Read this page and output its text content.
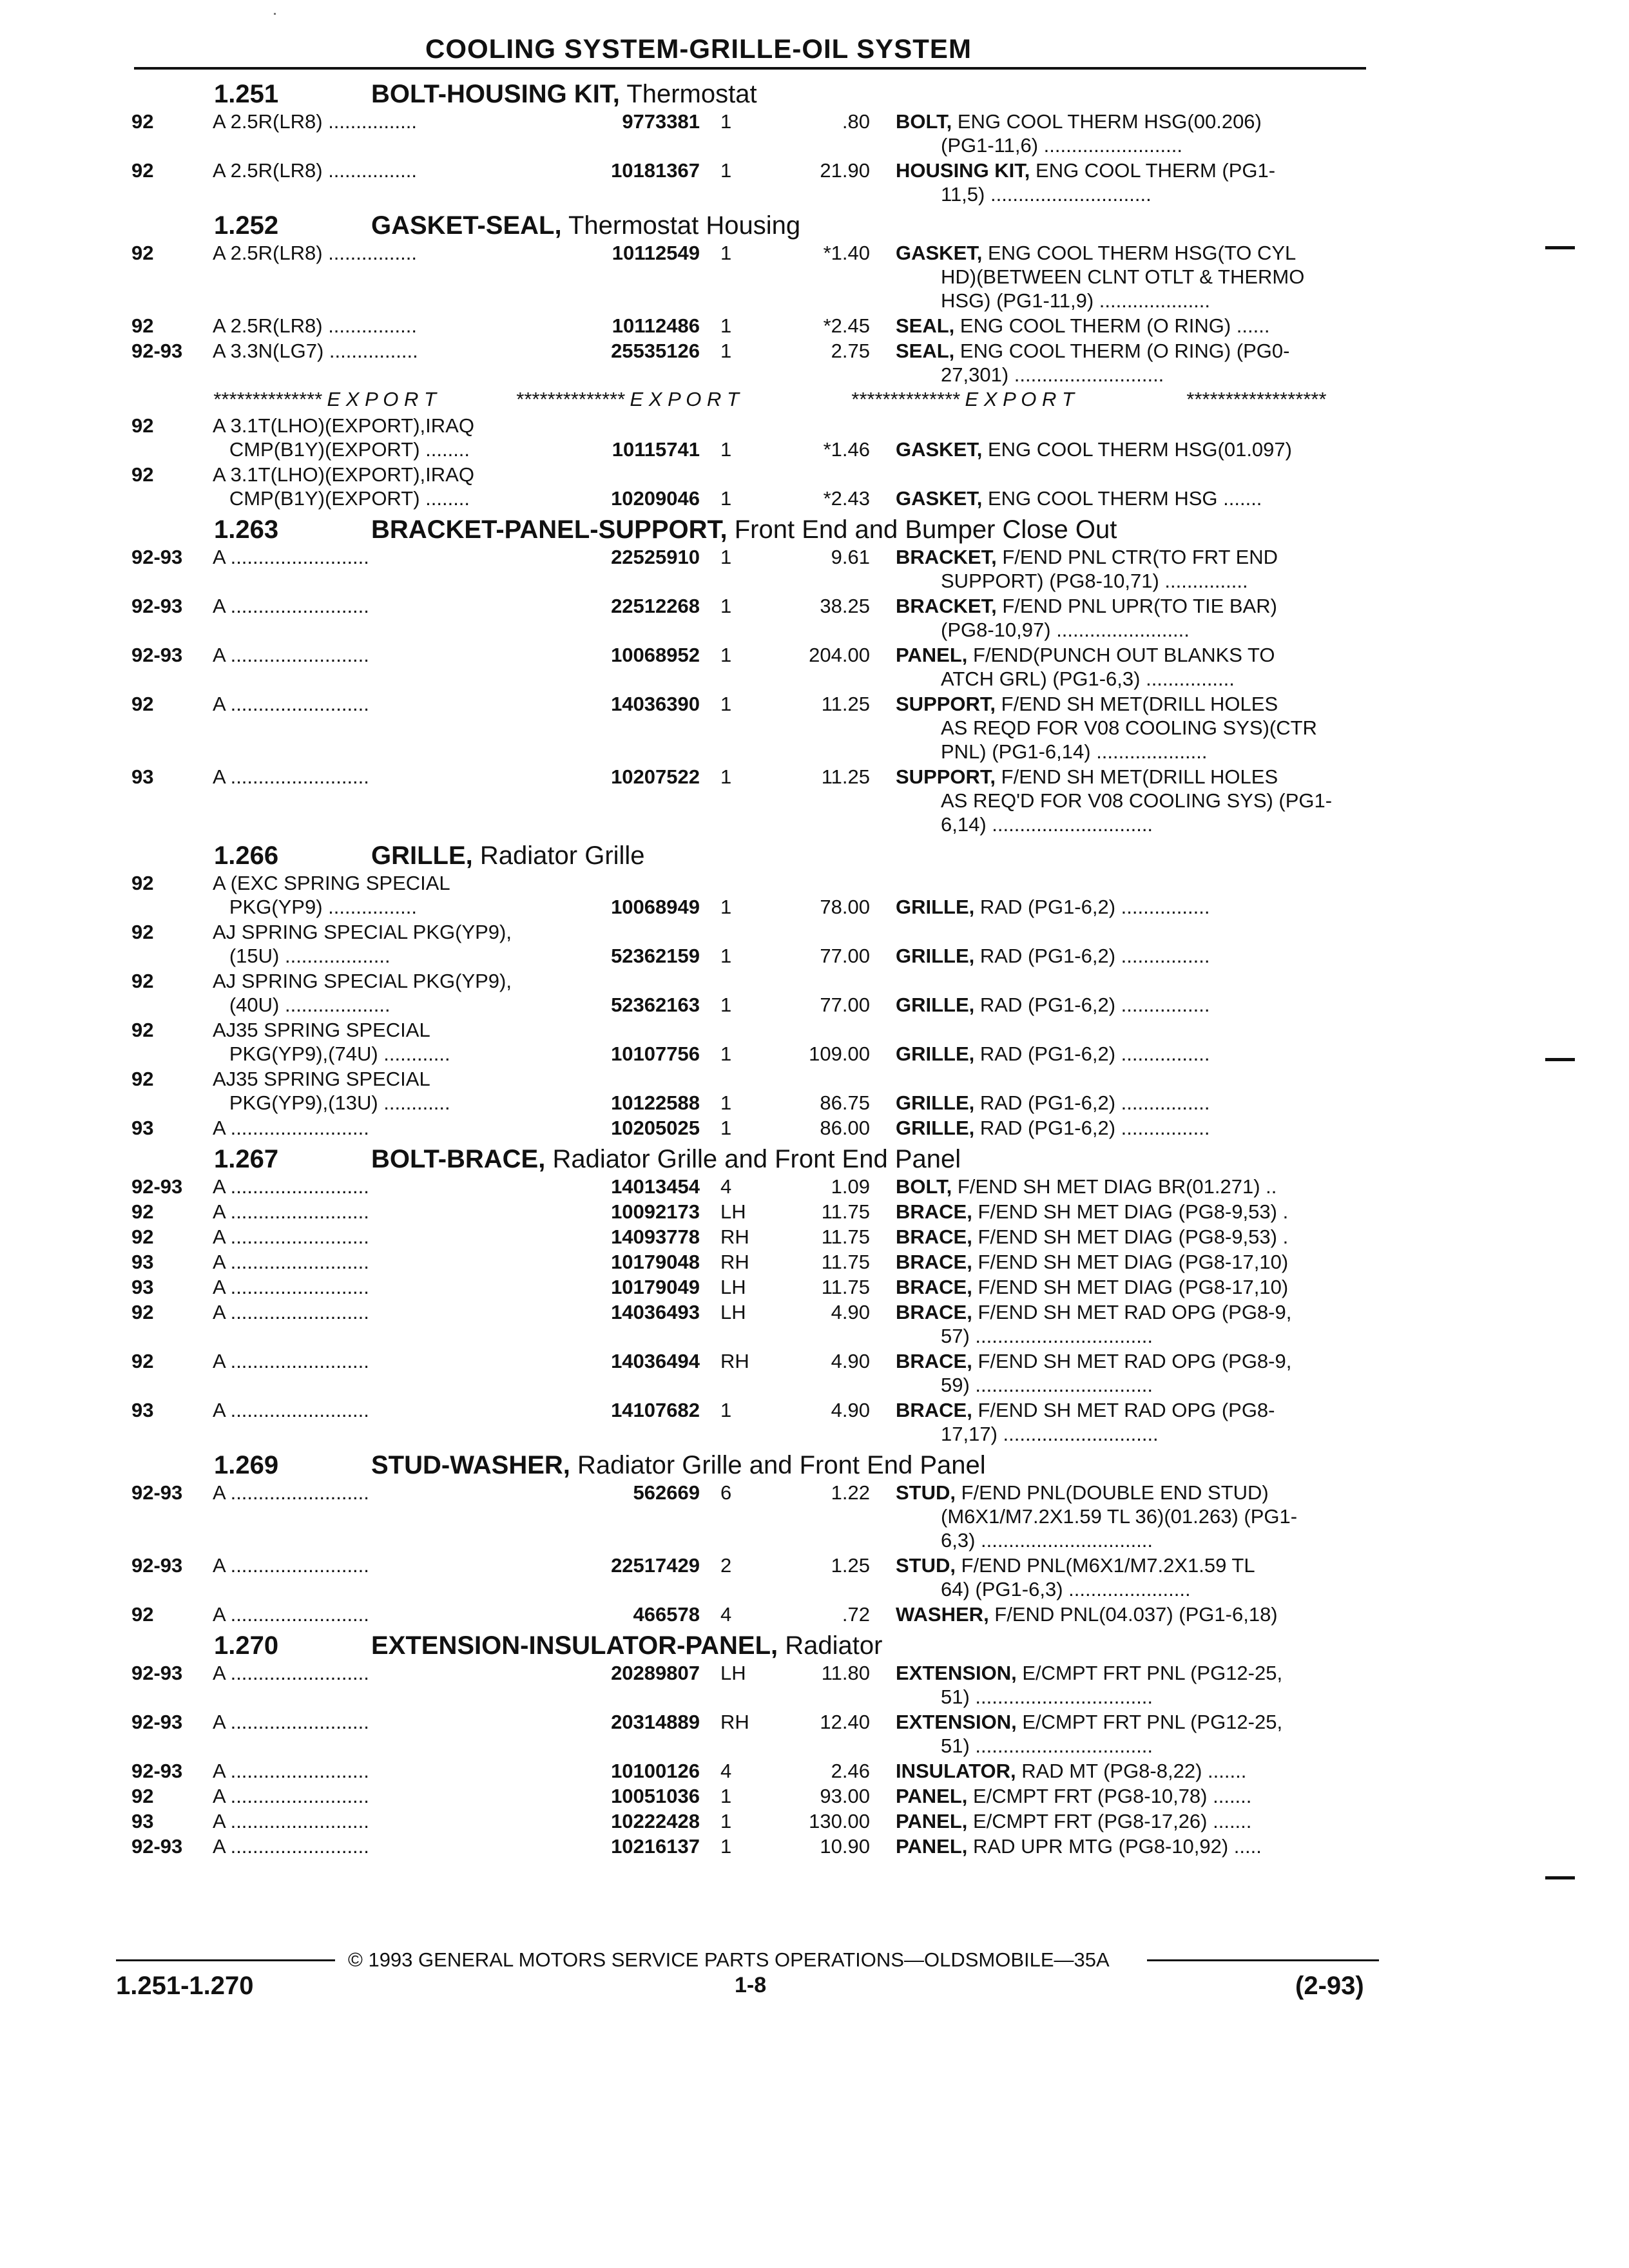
COOLING SYSTEM-GRILLE-OIL SYSTEM
1.251	BOLT-HOUSING KIT, Thermostat
92	A 2.5R(LR8) ................	9773381 1	.80 BOLT, ENG COOL THERM HSG(00.206)
(PG1-11,6) .........................
92	A 2.5R(LR8) ................	10181367 1	21.90 HOUSING KIT, ENG COOL THERM (PG1-
11,5) .............................
1.252	GASKET-SEAL, Thermostat Housing
92	A 2.5R(LR8) ................	10112549 1	*1.40 GASKET, ENG COOL THERM HSG(TO CYL
HD)(BETWEEN CLNT OTLT & THERMO
HSG) (PG1-11,9) ....................
92	A 2.5R(LR8) ................	10112486 1	*2.45 SEAL, ENG COOL THERM (O RING) ......
92-93	A 3.3N(LG7) ................	25535126 1	2.75 SEAL, ENG COOL THERM (O RING) (PG0-
27,301) ...........................
************** E X P O R T	************** E X P O R T	************** E X P O R T	******************
92	A 3.1T(LHO)(EXPORT),IRAQ
CMP(B1Y)(EXPORT) ........	10115741 1	*1.46 GASKET, ENG COOL THERM HSG(01.097)
92	A 3.1T(LHO)(EXPORT),IRAQ
CMP(B1Y)(EXPORT) ........	10209046 1	*2.43 GASKET, ENG COOL THERM HSG .......
1.263	BRACKET-PANEL-SUPPORT, Front End and Bumper Close Out
92-93	A .........................	22525910 1	9.61 BRACKET, F/END PNL CTR(TO FRT END
SUPPORT) (PG8-10,71) ...............
92-93	A .........................	22512268 1	38.25 BRACKET, F/END PNL UPR(TO TIE BAR)
(PG8-10,97) ........................
92-93	A .........................	10068952 1	204.00 PANEL, F/END(PUNCH OUT BLANKS TO
ATCH GRL) (PG1-6,3) ................
92	A .........................	14036390 1	11.25 SUPPORT, F/END SH MET(DRILL HOLES
AS REQD FOR V08 COOLING SYS)(CTR
PNL) (PG1-6,14) ....................
93	A .........................	10207522 1	11.25 SUPPORT, F/END SH MET(DRILL HOLES
AS REQ'D FOR V08 COOLING SYS) (PG1-
6,14) .............................
1.266	GRILLE, Radiator Grille
92	A (EXC SPRING SPECIAL
PKG(YP9) ................	10068949 1	78.00 GRILLE, RAD (PG1-6,2) ................
92	AJ SPRING SPECIAL PKG(YP9),
(15U) ...................	52362159 1	77.00 GRILLE, RAD (PG1-6,2) ................
92	AJ SPRING SPECIAL PKG(YP9),
(40U) ...................	52362163 1	77.00 GRILLE, RAD (PG1-6,2) ................
92	AJ35 SPRING SPECIAL
PKG(YP9),(74U) ............	10107756 1	109.00 GRILLE, RAD (PG1-6,2) ................
92	AJ35 SPRING SPECIAL
PKG(YP9),(13U) ............	10122588 1	86.75 GRILLE, RAD (PG1-6,2) ................
93	A .........................	10205025 1	86.00 GRILLE, RAD (PG1-6,2) ................
1.267	BOLT-BRACE, Radiator Grille and Front End Panel
92-93	A .........................	14013454 4	1.09 BOLT, F/END SH MET DIAG BR(01.271) ..
92	A .........................	10092173 LH	11.75 BRACE, F/END SH MET DIAG (PG8-9,53) .
92	A .........................	14093778 RH	11.75 BRACE, F/END SH MET DIAG (PG8-9,53) .
93	A .........................	10179048 RH	11.75 BRACE, F/END SH MET DIAG (PG8-17,10)
93	A .........................	10179049 LH	11.75 BRACE, F/END SH MET DIAG (PG8-17,10)
92	A .........................	14036493 LH	4.90 BRACE, F/END SH MET RAD OPG (PG8-9,
57) ................................
92	A .........................	14036494 RH	4.90 BRACE, F/END SH MET RAD OPG (PG8-9,
59) ................................
93	A .........................	14107682 1	4.90 BRACE, F/END SH MET RAD OPG (PG8-
17,17) ............................
1.269	STUD-WASHER, Radiator Grille and Front End Panel
92-93	A .........................	562669 6	1.22 STUD, F/END PNL(DOUBLE END STUD)
(M6X1/M7.2X1.59 TL 36)(01.263) (PG1-
6,3) ...............................
92-93	A .........................	22517429 2	1.25 STUD, F/END PNL(M6X1/M7.2X1.59 TL
64) (PG1-6,3) ......................
92	A .........................	466578 4	.72 WASHER, F/END PNL(04.037) (PG1-6,18)
1.270	EXTENSION-INSULATOR-PANEL, Radiator
92-93	A .........................	20289807 LH	11.80 EXTENSION, E/CMPT FRT PNL (PG12-25,
51) ................................
92-93	A .........................	20314889 RH	12.40 EXTENSION, E/CMPT FRT PNL (PG12-25,
51) ................................
92-93	A .........................	10100126 4	2.46 INSULATOR, RAD MT (PG8-8,22) .......
92	A .........................	10051036 1	93.00 PANEL, E/CMPT FRT (PG8-10,78) .......
93	A .........................	10222428 1	130.00 PANEL, E/CMPT FRT (PG8-17,26) .......
92-93	A .........................	10216137 1	10.90 PANEL, RAD UPR MTG (PG8-10,92) .....
© 1993 GENERAL MOTORS SERVICE PARTS OPERATIONS—OLDSMOBILE—35A
1.251-1.270	1-8	(2-93)
